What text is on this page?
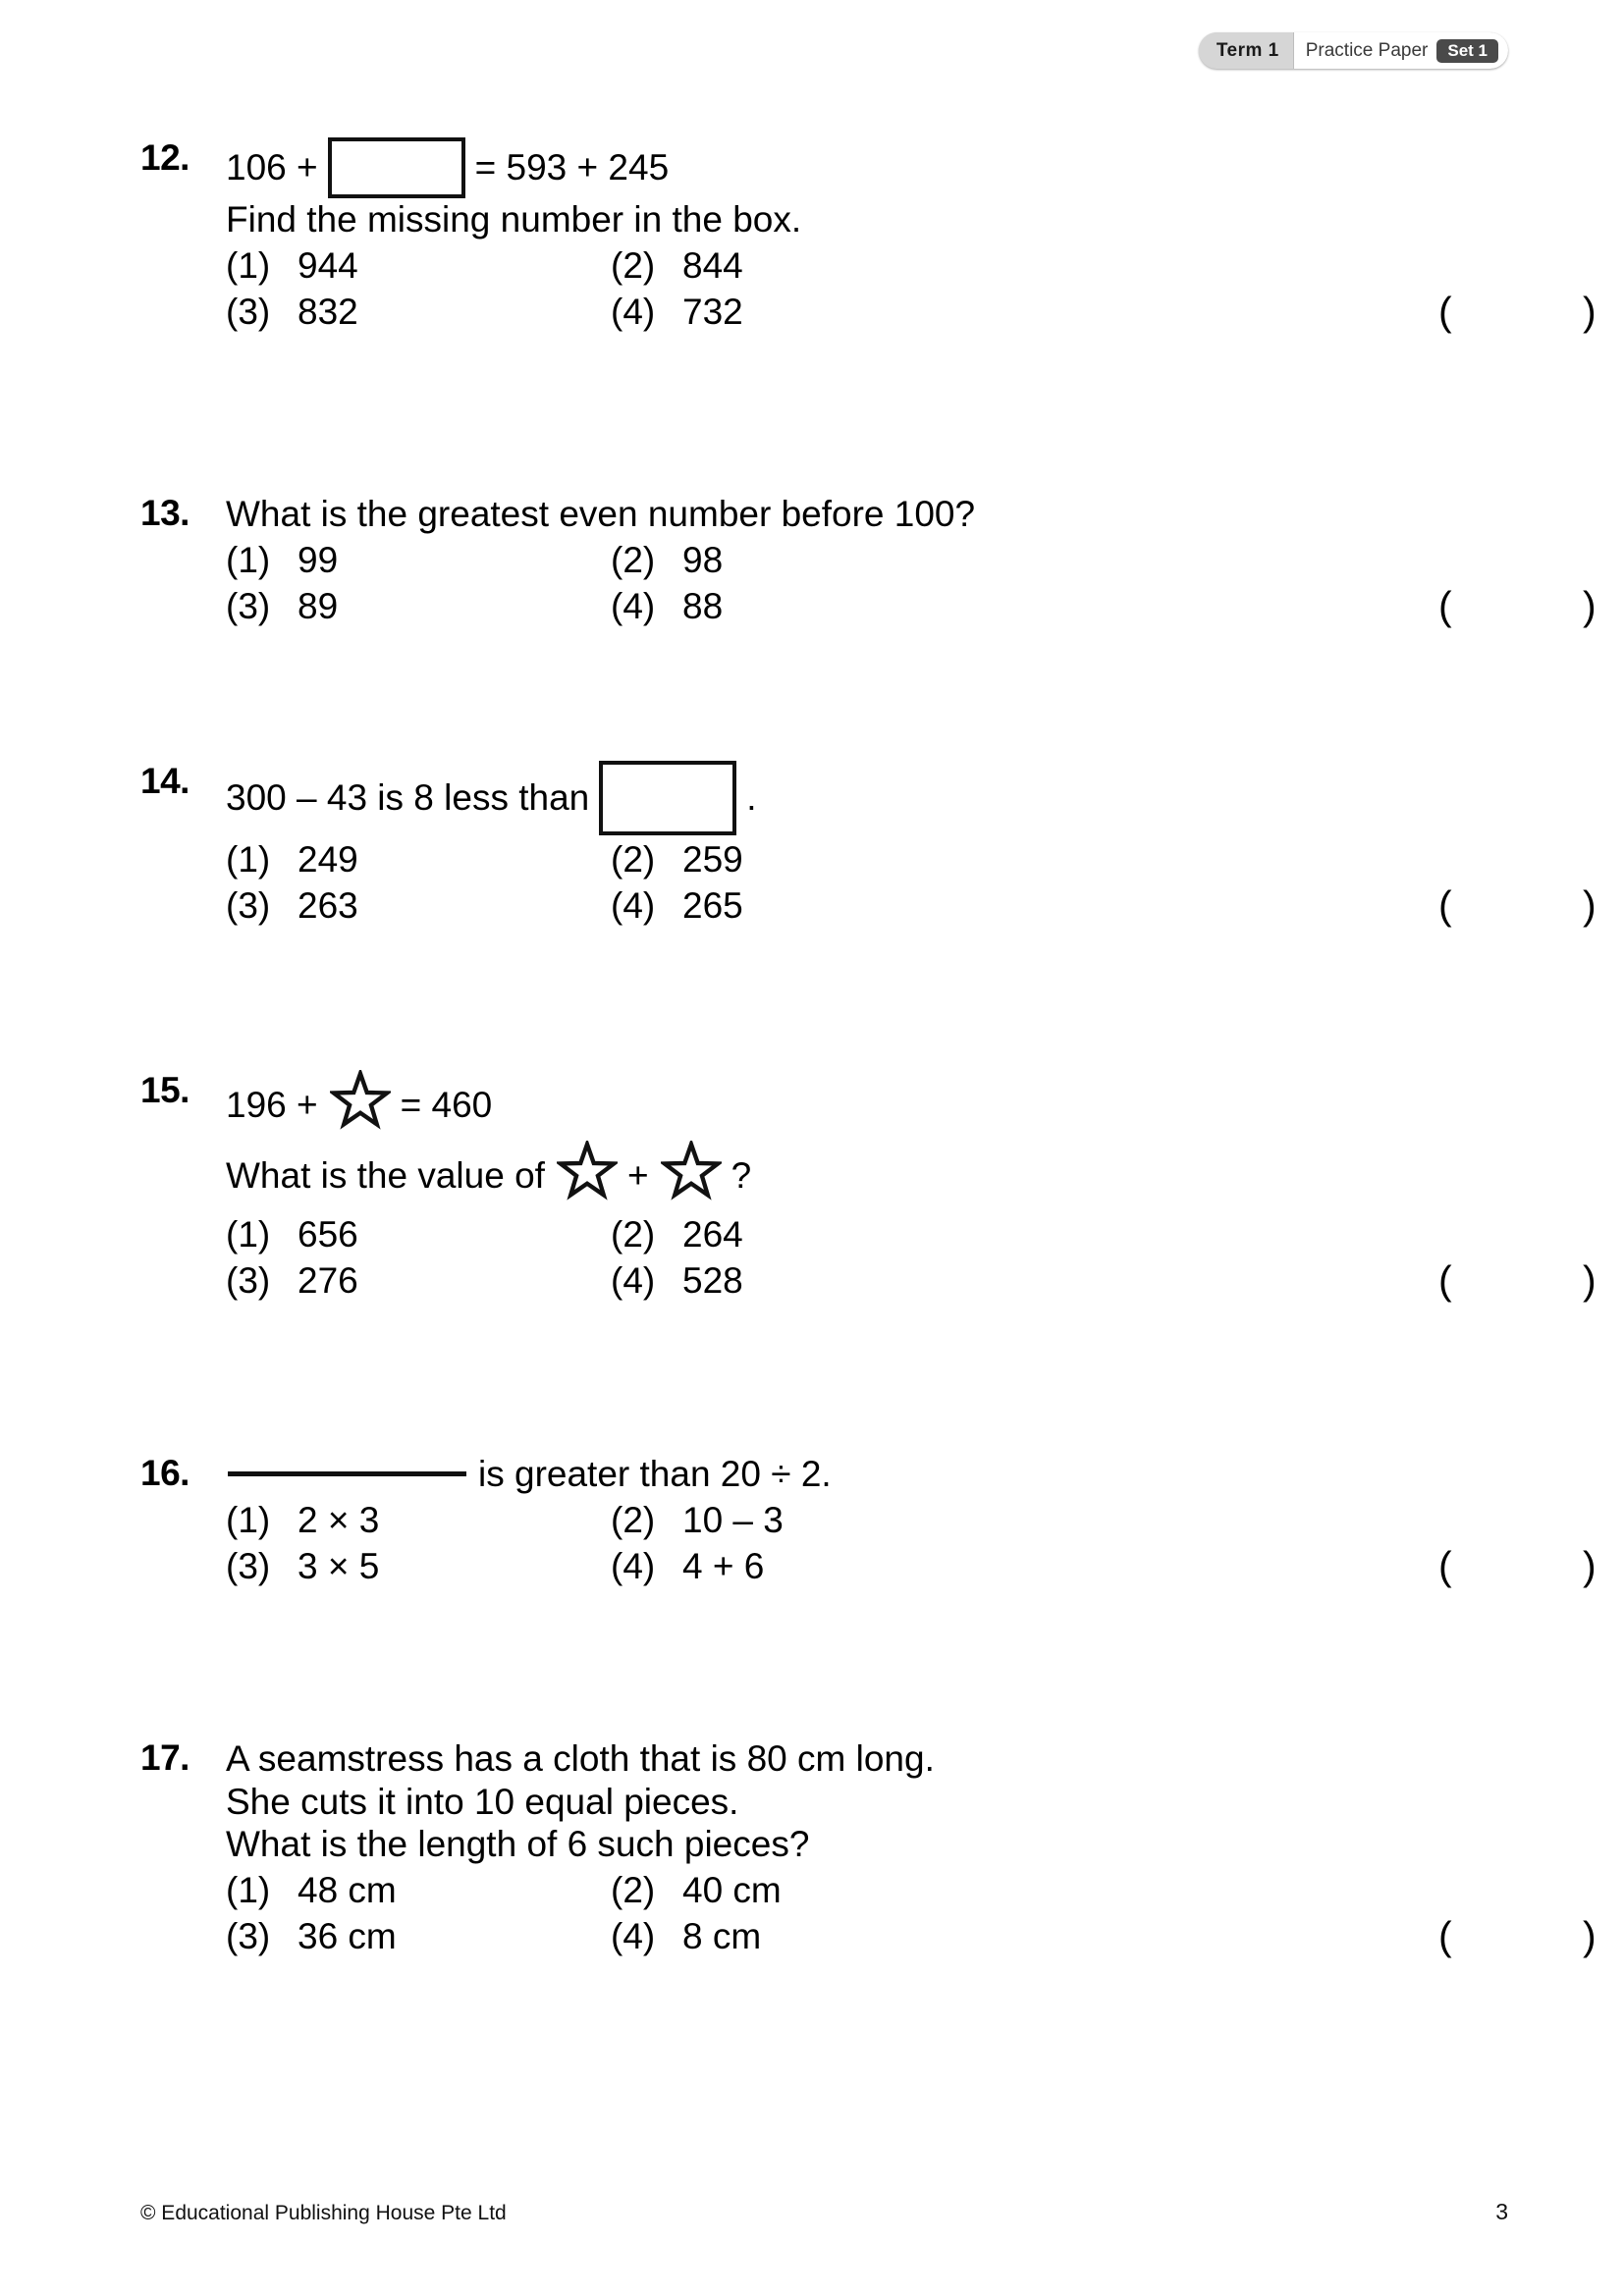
Term 1	Practice Paper	Set 1
12.	106 +	= 593 + 245
Find the missing number in the box.
(1) 944	(2) 844
(3) 832	(4) 732	(	)
13.	What is the greatest even number before 100?
(1) 99	(2) 98
(3) 89	(4) 88	(	)
14.	300 – 43 is 8 less than	.
(1) 249	(2) 259
(3) 263	(4) 265	(	)
15.	196 + = 460
What is the value of + ?
(1) 656	(2) 264
(3) 276	(4) 528	(	)
16.	is greater than 20 ÷ 2.
(1) 2 × 3	(2) 10 – 3
(3) 3 × 5	(4) 4 + 6	(	)
17.	A seamstress has a cloth that is 80 cm long.
She cuts it into 10 equal pieces.
What is the length of 6 such pieces?
(1) 48 cm	(2) 40 cm
(3) 36 cm	(4) 8 cm	(	)
© Educational Publishing House Pte Ltd	3
